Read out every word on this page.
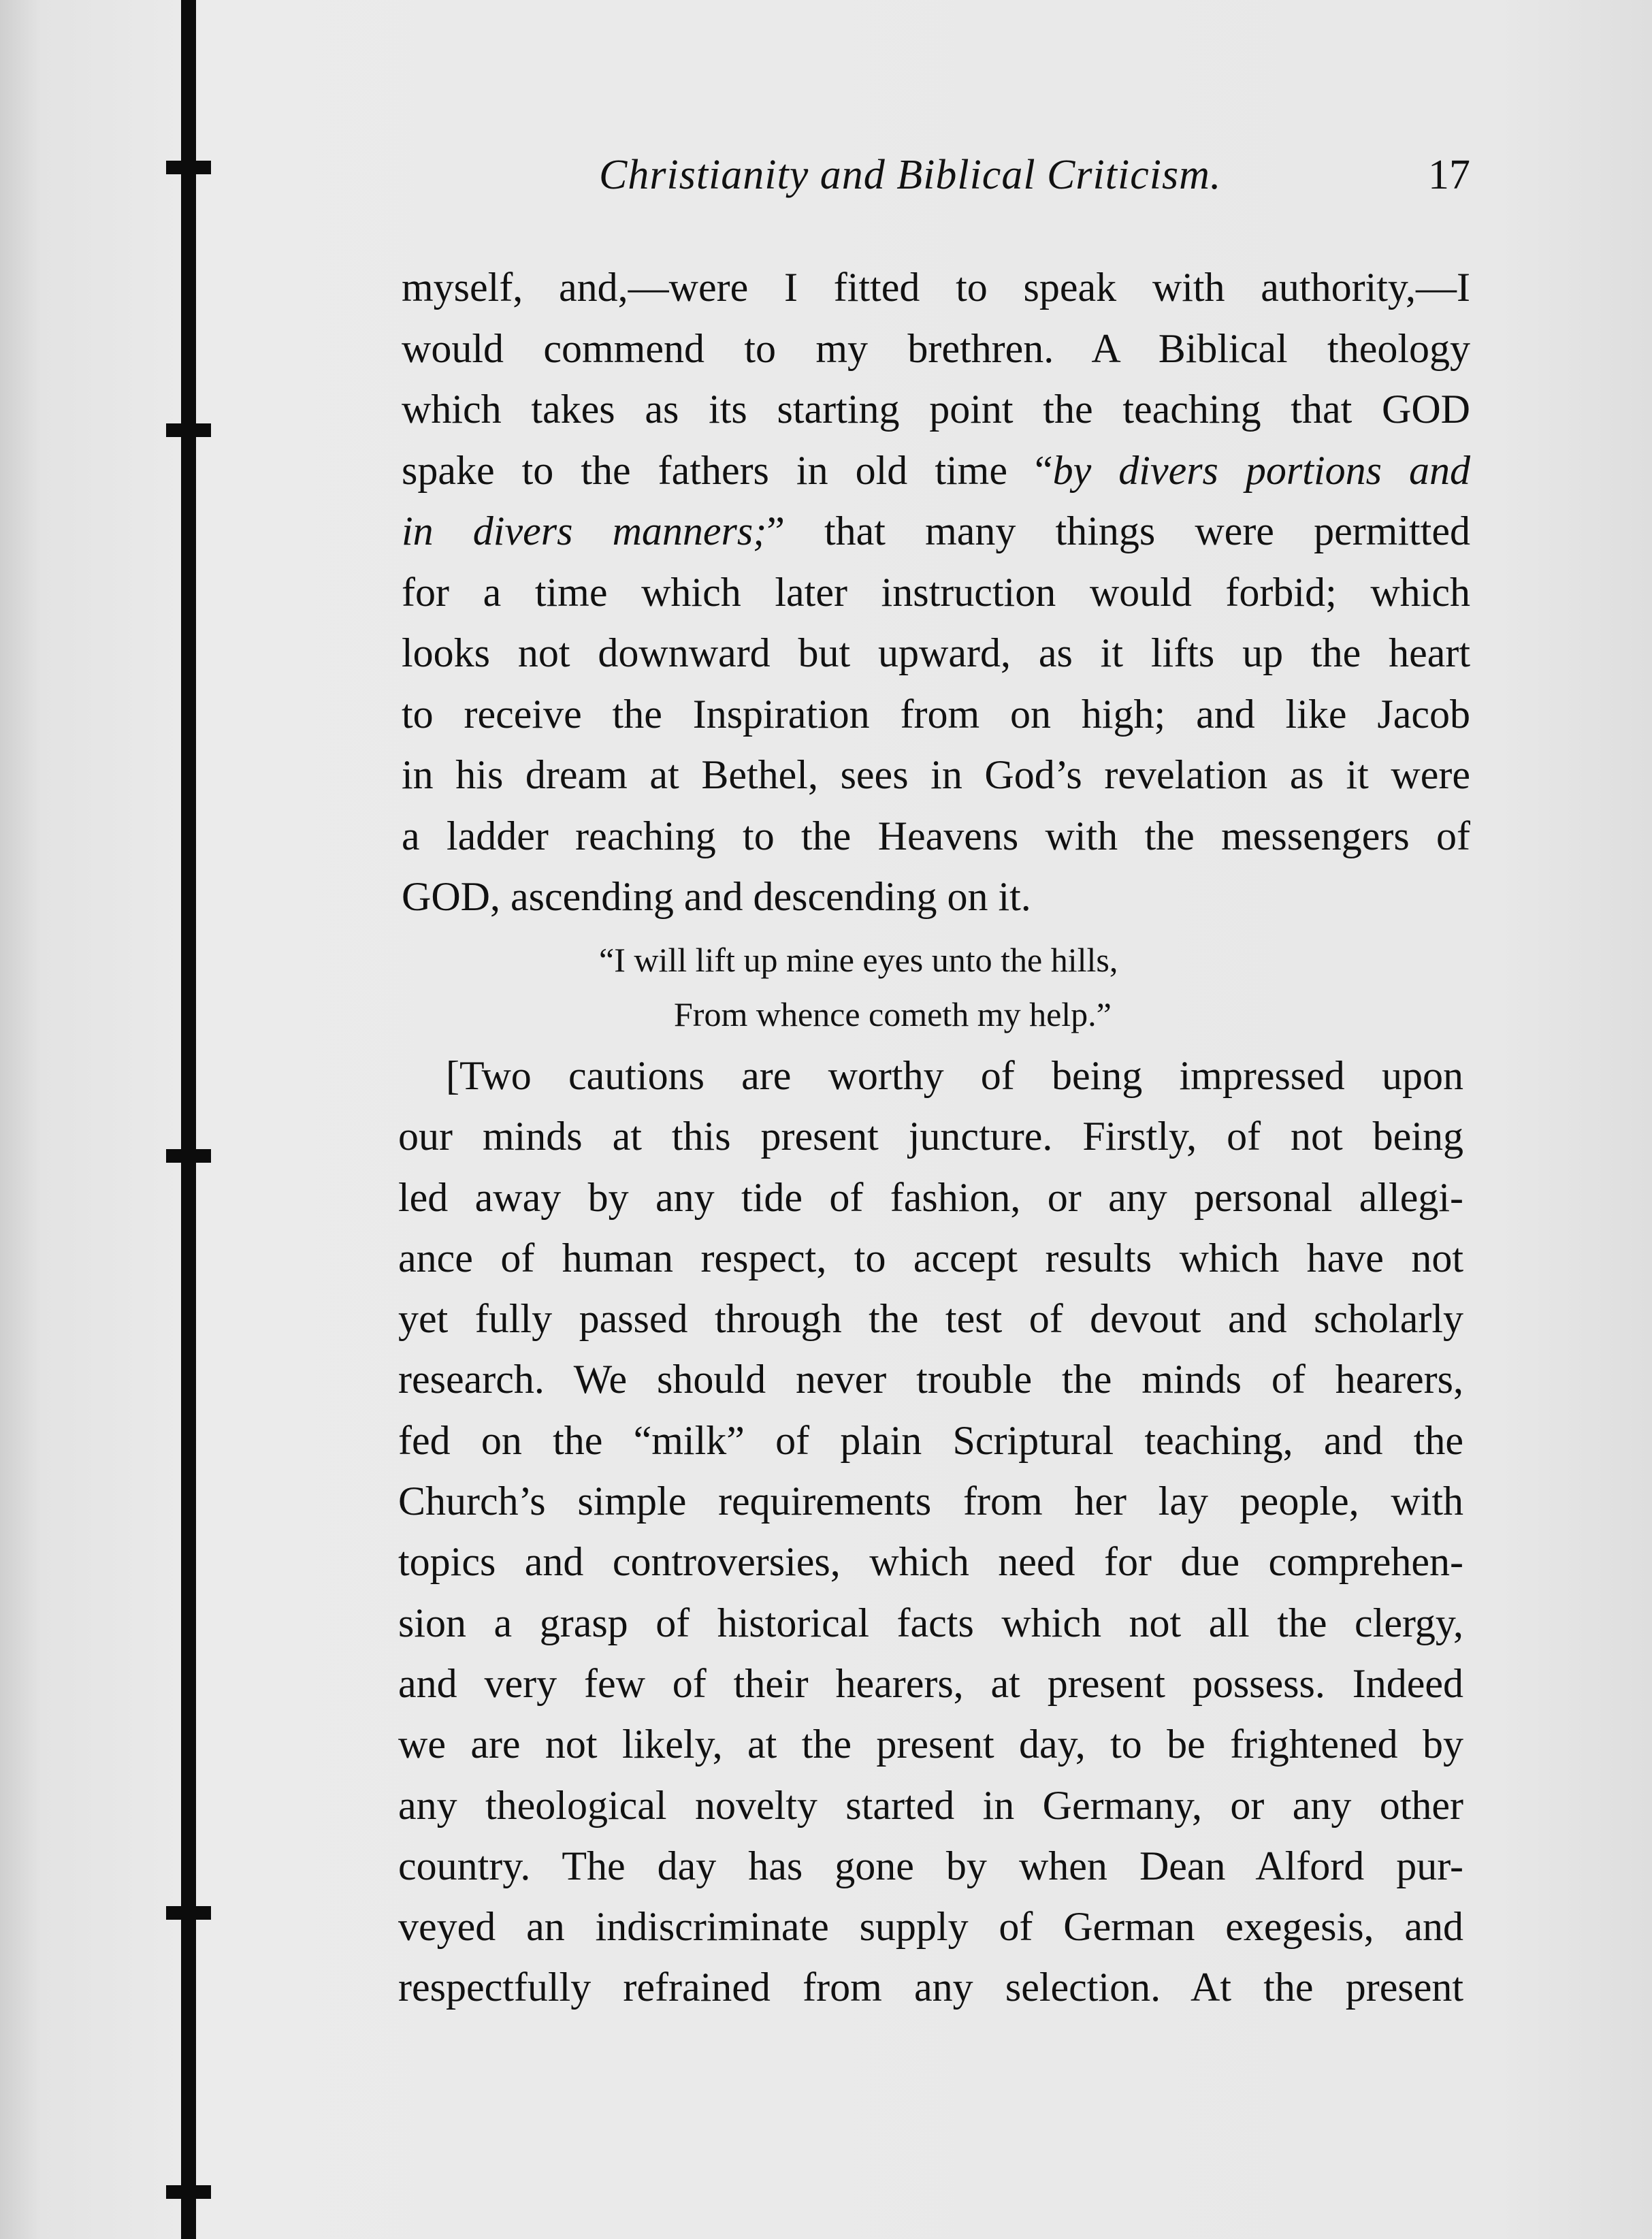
Christianity and Biblical Criticism.	17
myself, and,—were I fitted to speak with authority,—I
would commend to my brethren. A Biblical theology
which takes as its starting point the teaching that GOD
spake to the fathers in old time “by divers portions and
in divers manners;” that many things were permitted
for a time which later instruction would forbid; which
looks not downward but upward, as it lifts up the heart
to receive the Inspiration from on high; and like Jacob
in his dream at Bethel, sees in God’s revelation as it were
a ladder reaching to the Heavens with the messengers of
GOD, ascending and descending on it.
“I will lift up mine eyes unto the hills,
From whence cometh my help.”
[Two cautions are worthy of being impressed upon
our minds at this present juncture. Firstly, of not being
led away by any tide of fashion, or any personal allegi-
ance of human respect, to accept results which have not
yet fully passed through the test of devout and scholarly
research. We should never trouble the minds of hearers,
fed on the “milk” of plain Scriptural teaching, and the
Church’s simple requirements from her lay people, with
topics and controversies, which need for due comprehen-
sion a grasp of historical facts which not all the clergy,
and very few of their hearers, at present possess. Indeed
we are not likely, at the present day, to be frightened by
any theological novelty started in Germany, or any other
country. The day has gone by when Dean Alford pur-
veyed an indiscriminate supply of German exegesis, and
respectfully refrained from any selection. At the present
